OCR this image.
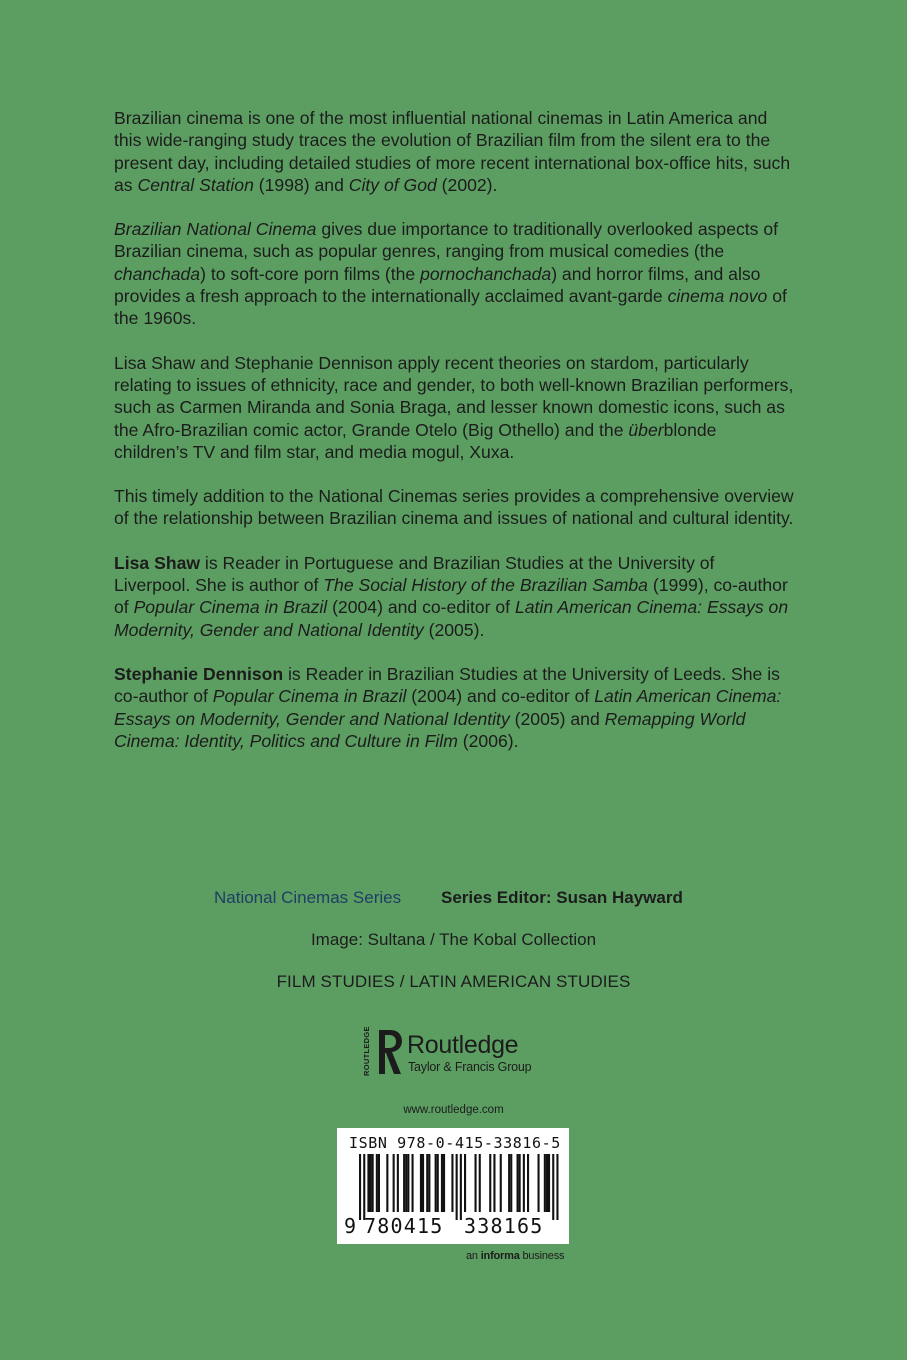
Brazilian cinema is one of the most influential national cinemas in Latin America and this wide-ranging study traces the evolution of Brazilian film from the silent era to the present day, including detailed studies of more recent international box-office hits, such as Central Station (1998) and City of God (2002).

Brazilian National Cinema gives due importance to traditionally overlooked aspects of Brazilian cinema, such as popular genres, ranging from musical comedies (the chanchada) to soft-core porn films (the pornochanchada) and horror films, and also provides a fresh approach to the internationally acclaimed avant-garde cinema novo of the 1960s.

Lisa Shaw and Stephanie Dennison apply recent theories on stardom, particularly relating to issues of ethnicity, race and gender, to both well-known Brazilian performers, such as Carmen Miranda and Sonia Braga, and lesser known domestic icons, such as the Afro-Brazilian comic actor, Grande Otelo (Big Othello) and the überblonde children’s TV and film star, and media mogul, Xuxa.

This timely addition to the National Cinemas series provides a comprehensive overview of the relationship between Brazilian cinema and issues of national and cultural identity.

Lisa Shaw is Reader in Portuguese and Brazilian Studies at the University of Liverpool. She is author of The Social History of the Brazilian Samba (1999), co-author of Popular Cinema in Brazil (2004) and co-editor of Latin American Cinema: Essays on Modernity, Gender and National Identity (2005).

Stephanie Dennison is Reader in Brazilian Studies at the University of Leeds. She is co-author of Popular Cinema in Brazil (2004) and co-editor of Latin American Cinema: Essays on Modernity, Gender and National Identity (2005) and Remapping World Cinema: Identity, Politics and Culture in Film (2006).

National Cinemas Series Series Editor: Susan Hayward
Image: Sultana / The Kobal Collection
FILM STUDIES / LATIN AMERICAN STUDIES
ROUTLEDGE Routledge
Taylor & Francis Group
www.routledge.com
ISBN 978-0-415-33816-5
9 780415 338165
an informa business
